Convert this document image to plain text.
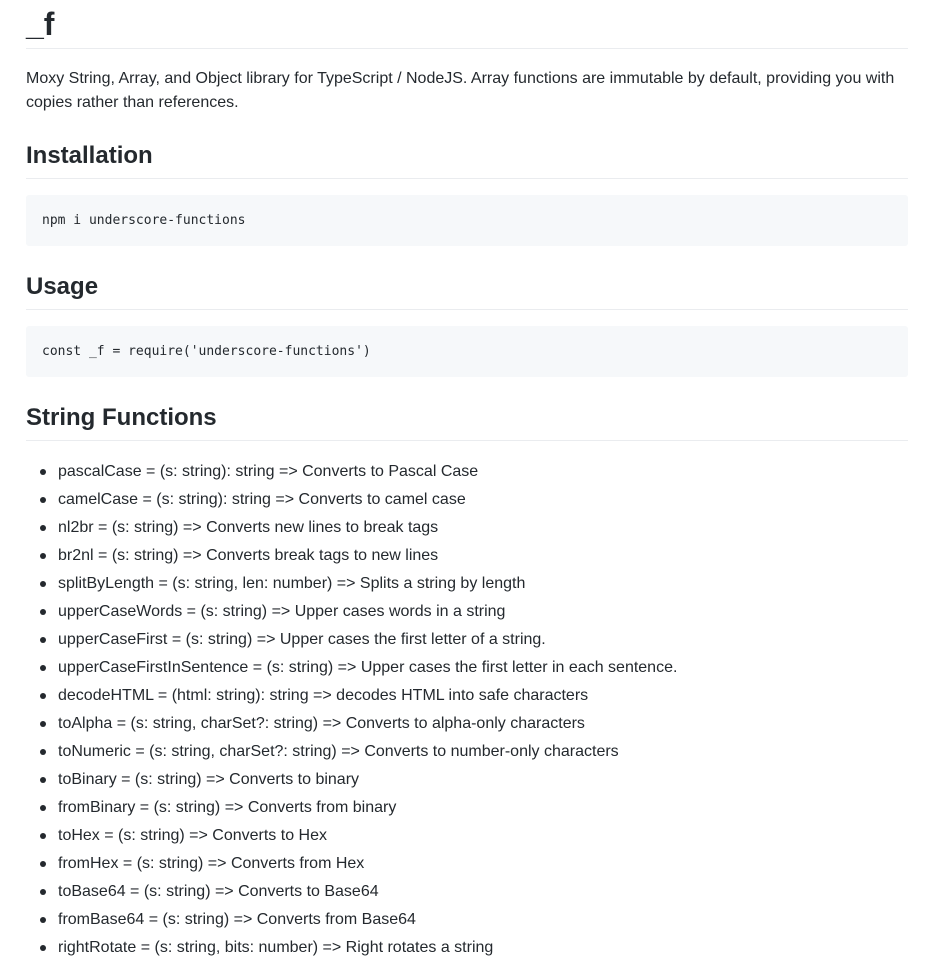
_f

Moxy String, Array, and Object library for TypeScript / NodeJS. Array functions are immutable by default, providing you with copies rather than references.

Installation
npm i underscore-functions
Usage
const _f = require('underscore-functions')
String Functions
pascalCase = (s: string): string => Converts to Pascal Case
camelCase = (s: string): string => Converts to camel case
nl2br = (s: string) => Converts new lines to break tags
br2nl = (s: string) => Converts break tags to new lines
splitByLength = (s: string, len: number) => Splits a string by length
upperCaseWords = (s: string) => Upper cases words in a string
upperCaseFirst = (s: string) => Upper cases the first letter of a string.
upperCaseFirstInSentence = (s: string) => Upper cases the first letter in each sentence.
decodeHTML = (html: string): string => decodes HTML into safe characters
toAlpha = (s: string, charSet?: string) => Converts to alpha-only characters
toNumeric = (s: string, charSet?: string) => Converts to number-only characters
toBinary = (s: string) => Converts to binary
fromBinary = (s: string) => Converts from binary
toHex = (s: string) => Converts to Hex
fromHex = (s: string) => Converts from Hex
toBase64 = (s: string) => Converts to Base64
fromBase64 = (s: string) => Converts from Base64
rightRotate = (s: string, bits: number) => Right rotates a string
